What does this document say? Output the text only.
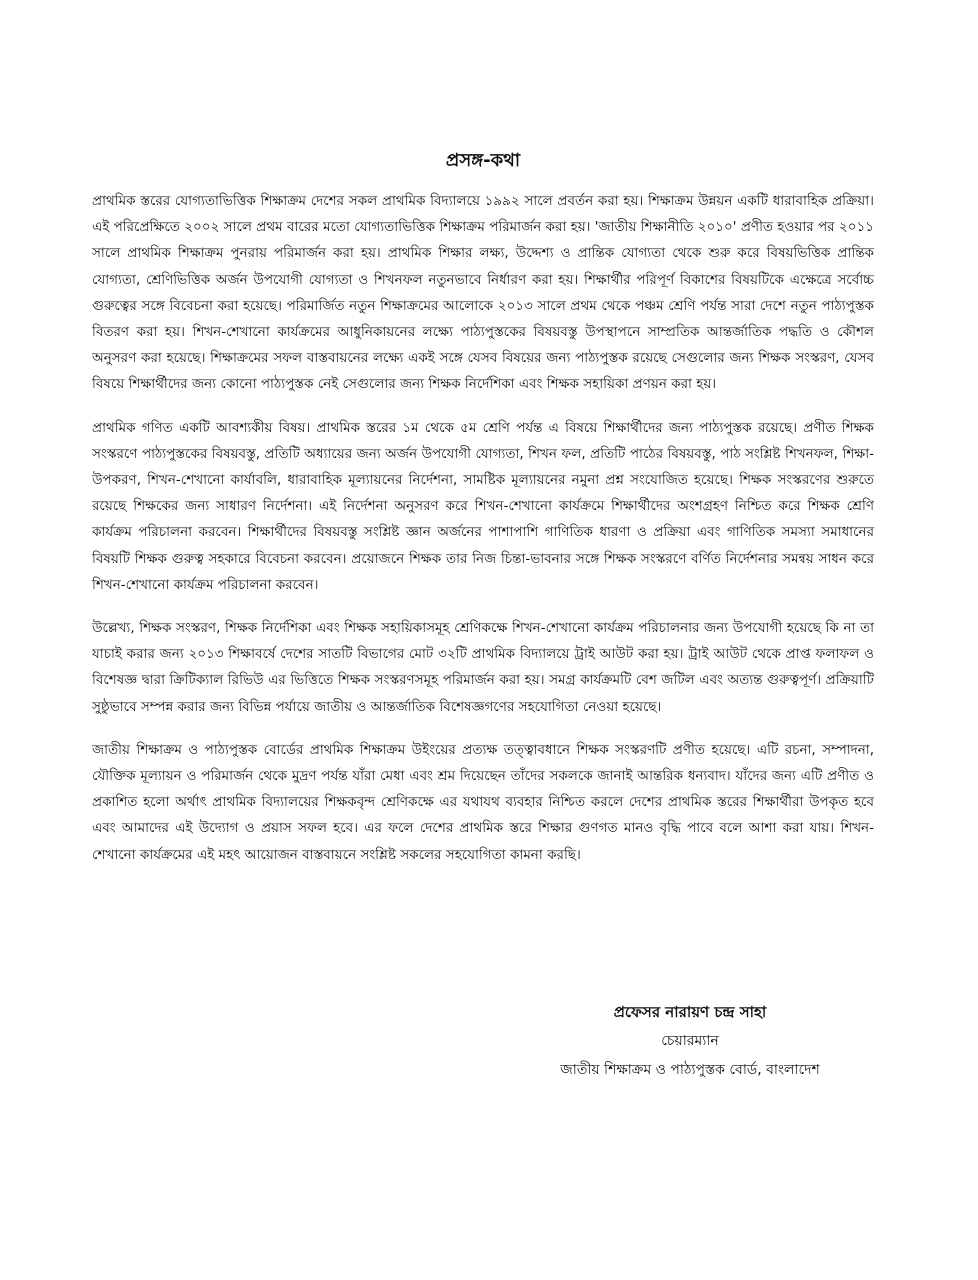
প্রসঙ্গ-কথা

প্রাথমিক স্তরের যোগ্যতাভিত্তিক শিক্ষাক্রম দেশের সকল প্রাথমিক বিদ্যালয়ে ১৯৯২ সালে প্রবর্তন করা হয়। শিক্ষাক্রম উন্নয়ন একটি ধারাবাহিক প্রক্রিয়া। এই পরিপ্রেক্ষিতে ২০০২ সালে প্রথম বারের মতো যোগ্যতাভিত্তিক শিক্ষাক্রম পরিমার্জন করা হয়। 'জাতীয় শিক্ষানীতি ২০১০' প্রণীত হওয়ার পর ২০১১ সালে প্রাথমিক শিক্ষাক্রম পুনরায় পরিমার্জন করা হয়। প্রাথমিক শিক্ষার লক্ষ্য, উদ্দেশ্য ও প্রান্তিক যোগ্যতা থেকে শুরু করে বিষয়ভিত্তিক প্রান্তিক যোগ্যতা, শ্রেণিভিত্তিক অর্জন উপযোগী যোগ্যতা ও শিখনফল নতুনভাবে নির্ধারণ করা হয়। শিক্ষার্থীর পরিপূর্ণ বিকাশের বিষয়টিকে এক্ষেত্রে সর্বোচ্চ গুরুত্বের সঙ্গে বিবেচনা করা হয়েছে। পরিমার্জিত নতুন শিক্ষাক্রমের আলোকে ২০১৩ সালে প্রথম থেকে পঞ্চম শ্রেণি পর্যন্ত সারা দেশে নতুন পাঠ্যপুস্তক বিতরণ করা হয়। শিখন-শেখানো কার্যক্রমের আধুনিকায়নের লক্ষ্যে পাঠ্যপুস্তকের বিষয়বস্তু উপস্থাপনে সাম্প্রতিক আন্তর্জাতিক পদ্ধতি ও কৌশল অনুসরণ করা হয়েছে। শিক্ষাক্রমের সফল বাস্তবায়নের লক্ষ্যে একই সঙ্গে যেসব বিষয়ের জন্য পাঠ্যপুস্তক রয়েছে সেগুলোর জন্য শিক্ষক সংস্করণ, যেসব বিষয়ে শিক্ষার্থীদের জন্য কোনো পাঠ্যপুস্তক নেই সেগুলোর জন্য শিক্ষক নির্দেশিকা এবং শিক্ষক সহায়িকা প্রণয়ন করা হয়।

প্রাথমিক গণিত একটি আবশ্যকীয় বিষয়। প্রাথমিক স্তরের ১ম থেকে ৫ম শ্রেণি পর্যন্ত এ বিষয়ে শিক্ষার্থীদের জন্য পাঠ্যপুস্তক রয়েছে। প্রণীত শিক্ষক সংস্করণে পাঠ্যপুস্তকের বিষয়বস্তু, প্রতিটি অধ্যায়ের জন্য অর্জন উপযোগী যোগ্যতা, শিখন ফল, প্রতিটি পাঠের বিষয়বস্তু, পাঠ সংশ্লিষ্ট শিখনফল, শিক্ষা-উপকরণ, শিখন-শেখানো কার্যাবলি, ধারাবাহিক মূল্যায়নের নির্দেশনা, সামষ্টিক মূল্যায়নের নমুনা প্রশ্ন সংযোজিত হয়েছে। শিক্ষক সংস্করণের শুরুতে রয়েছে শিক্ষকের জন্য সাধারণ নির্দেশনা। এই নির্দেশনা অনুসরণ করে শিখন-শেখানো কার্যক্রমে শিক্ষার্থীদের অংশগ্রহণ নিশ্চিত করে শিক্ষক শ্রেণি কার্যক্রম পরিচালনা করবেন। শিক্ষার্থীদের বিষয়বস্তু সংশ্লিষ্ট জ্ঞান অর্জনের পাশাপাশি গাণিতিক ধারণা ও প্রক্রিয়া এবং গাণিতিক সমস্যা সমাধানের বিষয়টি শিক্ষক গুরুত্ব সহকারে বিবেচনা করবেন। প্রয়োজনে শিক্ষক তার নিজ চিন্তা-ভাবনার সঙ্গে শিক্ষক সংস্করণে বর্ণিত নির্দেশনার সমন্বয় সাধন করে শিখন-শেখানো কার্যক্রম পরিচালনা করবেন।

উল্লেখ্য, শিক্ষক সংস্করণ, শিক্ষক নির্দেশিকা এবং শিক্ষক সহায়িকাসমূহ শ্রেণিকক্ষে শিখন-শেখানো কার্যক্রম পরিচালনার জন্য উপযোগী হয়েছে কি না তা যাচাই করার জন্য ২০১৩ শিক্ষাবর্ষে দেশের সাতটি বিভাগের মোট ৩২টি প্রাথমিক বিদ্যালয়ে ট্রাই আউট করা হয়। ট্রাই আউট থেকে প্রাপ্ত ফলাফল ও বিশেষজ্ঞ দ্বারা ক্রিটিক্যাল রিভিউ এর ভিত্তিতে শিক্ষক সংস্করণসমূহ পরিমার্জন করা হয়। সমগ্র কার্যক্রমটি বেশ জটিল এবং অত্যন্ত গুরুত্বপূর্ণ। প্রক্রিয়াটি সুষ্ঠুভাবে সম্পন্ন করার জন্য বিভিন্ন পর্যায়ে জাতীয় ও আন্তর্জাতিক বিশেষজ্ঞগণের সহযোগিতা নেওয়া হয়েছে।

জাতীয় শিক্ষাক্রম ও পাঠ্যপুস্তক বোর্ডের প্রাথমিক শিক্ষাক্রম উইংয়ের প্রত্যক্ষ তত্ত্বাবধানে শিক্ষক সংস্করণটি প্রণীত হয়েছে। এটি রচনা, সম্পাদনা, যৌক্তিক মূল্যায়ন ও পরিমার্জন থেকে মুদ্রণ পর্যন্ত যাঁরা মেধা এবং শ্রম দিয়েছেন তাঁদের সকলকে জানাই আন্তরিক ধন্যবাদ। যাঁদের জন্য এটি প্রণীত ও প্রকাশিত হলো অর্থাৎ প্রাথমিক বিদ্যালয়ের শিক্ষকবৃন্দ শ্রেণিকক্ষে এর যথাযথ ব্যবহার নিশ্চিত করলে দেশের প্রাথমিক স্তরের শিক্ষার্থীরা উপকৃত হবে এবং আমাদের এই উদ্যোগ ও প্রয়াস সফল হবে। এর ফলে দেশের প্রাথমিক স্তরে শিক্ষার গুণগত মানও বৃদ্ধি পাবে বলে আশা করা যায়। শিখন-শেখানো কার্যক্রমের এই মহৎ আয়োজন বাস্তবায়নে সংশ্লিষ্ট সকলের সহযোগিতা কামনা করছি।

প্রফেসর নারায়ণ চন্দ্র সাহা
চেয়ারম্যান
জাতীয় শিক্ষাক্রম ও পাঠ্যপুস্তক বোর্ড, বাংলাদেশ
